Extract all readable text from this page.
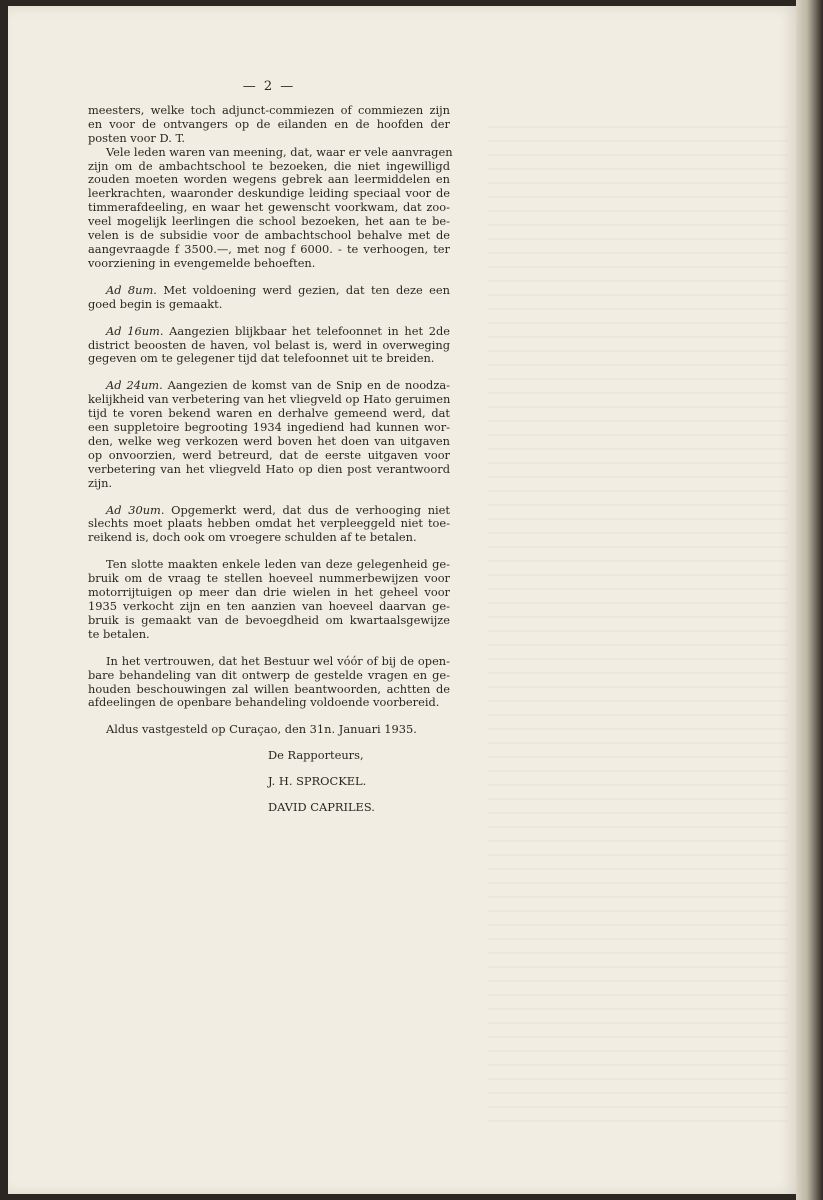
— 2 —
meesters, welke toch adjunct-commiezen of commiezen zijn
en voor de ontvangers op de eilanden en de hoofden der
posten voor D. T.
Vele leden waren van meening, dat, waar er vele aanvragen
zijn om de ambachtschool te bezoeken, die niet ingewilligd
zouden moeten worden wegens gebrek aan leermiddelen en
leerkrachten, waaronder deskundige leiding speciaal voor de
timmerafdeeling, en waar het gewenscht voorkwam, dat zoo-
veel mogelijk leerlingen die school bezoeken, het aan te be-
velen is de subsidie voor de ambachtschool behalve met de
aangevraagde f 3500.—, met nog f 6000. - te verhoogen, ter
voorziening in evengemelde behoeften.
Ad 8um. Met voldoening werd gezien, dat ten deze een
goed begin is gemaakt.
Ad 16um. Aangezien blijkbaar het telefoonnet in het 2de
district beoosten de haven, vol belast is, werd in overweging
gegeven om te gelegener tijd dat telefoonnet uit te breiden.
Ad 24um. Aangezien de komst van de Snip en de noodza-
kelijkheid van verbetering van het vliegveld op Hato geruimen
tijd te voren bekend waren en derhalve gemeend werd, dat
een suppletoire begrooting 1934 ingediend had kunnen wor-
den, welke weg verkozen werd boven het doen van uitgaven
op onvoorzien, werd betreurd, dat de eerste uitgaven voor
verbetering van het vliegveld Hato op dien post verantwoord
zijn.
Ad 30um. Opgemerkt werd, dat dus de verhooging niet
slechts moet plaats hebben omdat het verpleeggeld niet toe-
reikend is, doch ook om vroegere schulden af te betalen.
Ten slotte maakten enkele leden van deze gelegenheid ge-
bruik om de vraag te stellen hoeveel nummerbewijzen voor
motorrijtuigen op meer dan drie wielen in het geheel voor
1935 verkocht zijn en ten aanzien van hoeveel daarvan ge-
bruik is gemaakt van de bevoegdheid om kwartaalsgewijze
te betalen.
In het vertrouwen, dat het Bestuur wel vóór of bij de open-
bare behandeling van dit ontwerp de gestelde vragen en ge-
houden beschouwingen zal willen beantwoorden, achtten de
afdeelingen de openbare behandeling voldoende voorbereid.
Aldus vastgesteld op Curaçao, den 31n. Januari 1935.
De Rapporteurs,
J. H. SPROCKEL.
DAVID CAPRILES.
